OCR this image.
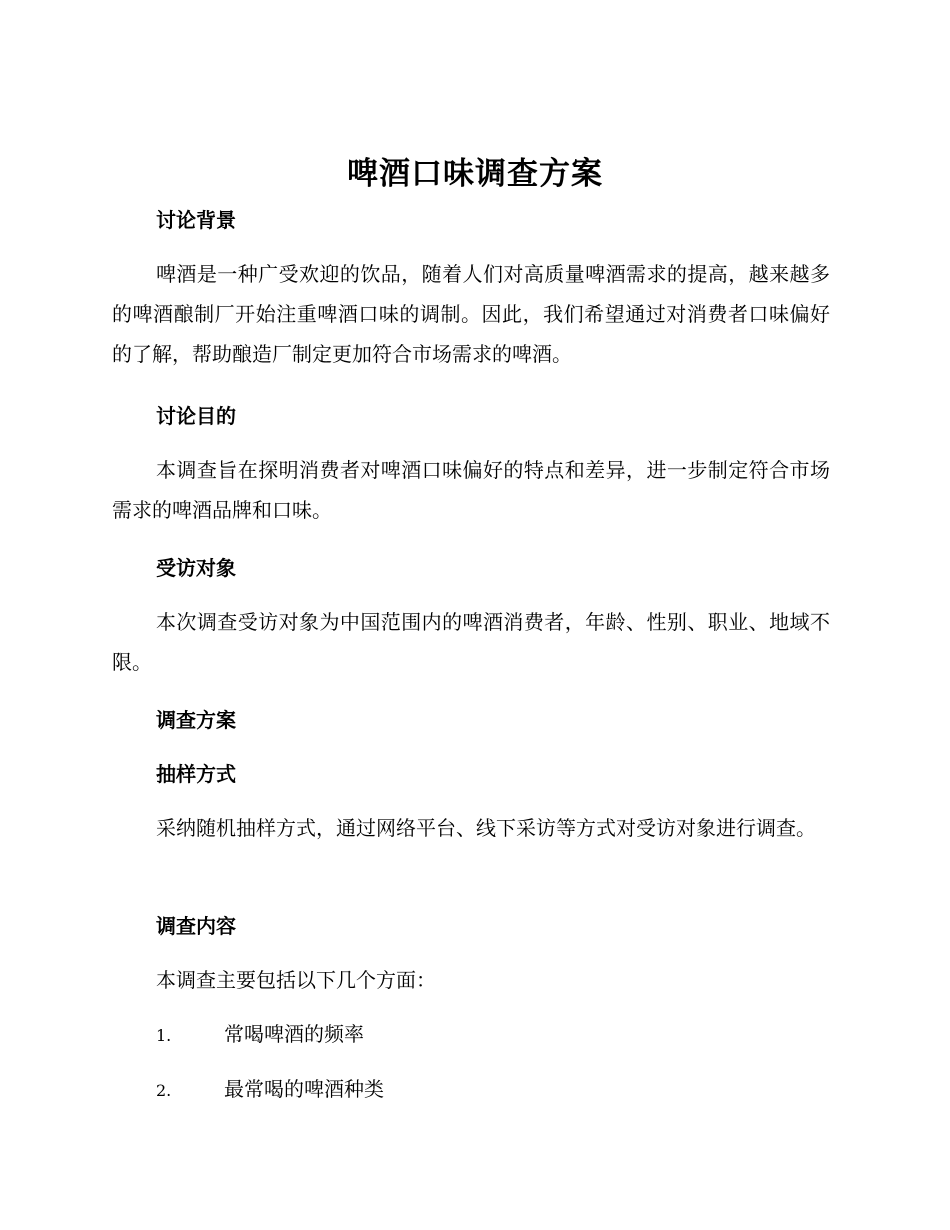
啤酒口味调查方案
讨论背景

啤酒是一种广受欢迎的饮品，随着人们对高质量啤酒需求的提高，越来越多的啤酒酿制厂开始注重啤酒口味的调制。因此，我们希望通过对消费者口味偏好的了解，帮助酿造厂制定更加符合市场需求的啤酒。

讨论目的

本调查旨在探明消费者对啤酒口味偏好的特点和差异，进一步制定符合市场需求的啤酒品牌和口味。

受访对象

本次调查受访对象为中国范围内的啤酒消费者，年龄、性别、职业、地域不限。

调查方案
抽样方式

采纳随机抽样方式，通过网络平台、线下采访等方式对受访对象进行调查。

调查内容

本调查主要包括以下几个方面：

1.	常喝啤酒的频率
2.	最常喝的啤酒种类
